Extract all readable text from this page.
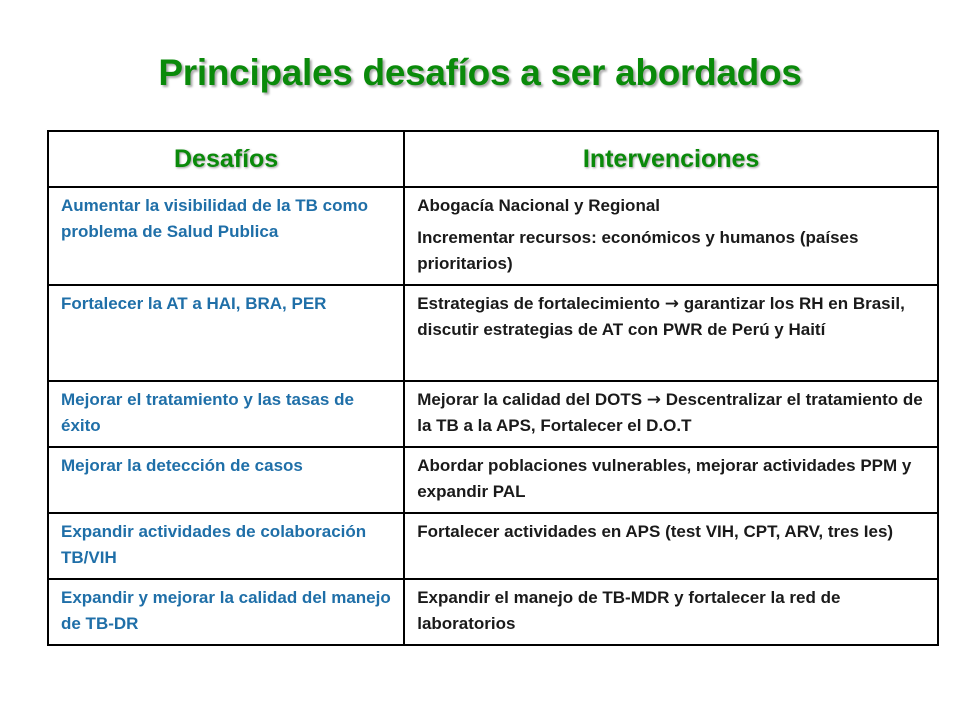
Principales desafíos a ser abordados
Desafíos	Intervenciones
Aumentar la visibilidad de la TB como problema de Salud Publica	Abogacía Nacional y Regional

Incrementar recursos: económicos y humanos (países prioritarios)

Fortalecer la AT a HAI, BRA, PER	Estrategias de fortalecimiento → garantizar los RH en Brasil, discutir estrategias de AT con PWR de Perú y Haití
Mejorar el tratamiento y las tasas de éxito	Mejorar la calidad del DOTS → Descentralizar el tratamiento de la TB a la APS, Fortalecer el D.O.T
Mejorar la detección de casos	Abordar poblaciones vulnerables, mejorar actividades PPM y expandir PAL
Expandir actividades de colaboración TB/VIH	Fortalecer actividades en APS (test VIH, CPT, ARV, tres Ies)
Expandir y mejorar la calidad del manejo de TB-DR	Expandir el manejo de TB-MDR y fortalecer la red de laboratorios
